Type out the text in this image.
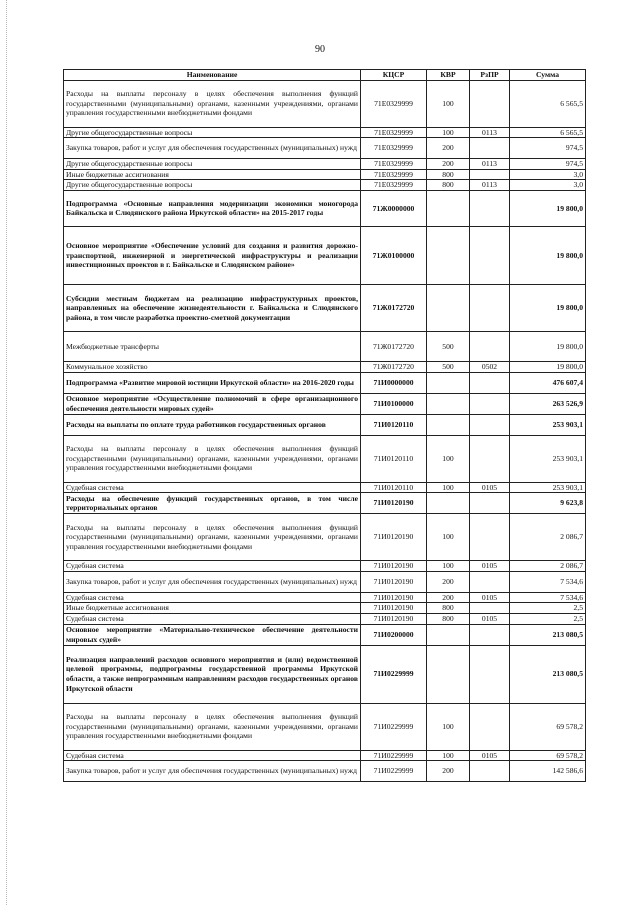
90
Наименование	КЦСР	КВР	РзПР	Сумма
Расходы на выплаты персоналу в целях обеспечения выполнения функций государственными (муниципальными) органами, казенными учреждениями, органами управления государственными внебюджетными фондами	71Е0329999	100		6 565,5
Другие общегосударственные вопросы	71Е0329999	100	0113	6 565,5
Закупка товаров, работ и услуг для обеспечения государственных (муниципальных) нужд	71Е0329999	200		974,5
Другие общегосударственные вопросы	71Е0329999	200	0113	974,5
Иные бюджетные ассигнования	71Е0329999	800		3,0
Другие общегосударственные вопросы	71Е0329999	800	0113	3,0
Подпрограмма «Основные направления модернизации экономики моногорода Байкальска и Слюдянского района Иркутской области» на 2015-2017 годы	71Ж0000000			19 800,0
Основное мероприятие «Обеспечение условий для создания и развития дорожно-транспортной, инженерной и энергетической инфраструктуры и реализации инвестиционных проектов в г. Байкальске и Слюдянском районе»	71Ж0100000			19 800,0
Субсидии местным бюджетам на реализацию инфраструктурных проектов, направленных на обеспечение жизнедеятельности г. Байкальска и Слюдянского района, в том числе разработка проектно-сметной документации	71Ж0172720			19 800,0
Межбюджетные трансферты	71Ж0172720	500		19 800,0
Коммунальное хозяйство	71Ж0172720	500	0502	19 800,0
Подпрограмма «Развитие мировой юстиции Иркутской области» на 2016-2020 годы	71И0000000			476 607,4
Основное мероприятие «Осуществление полномочий в сфере организационного обеспечения деятельности мировых судей»	71И0100000			263 526,9
Расходы на выплаты по оплате труда работников государственных органов	71И0120110			253 903,1
Расходы на выплаты персоналу в целях обеспечения выполнения функций государственными (муниципальными) органами, казенными учреждениями, органами управления государственными внебюджетными фондами	71И0120110	100		253 903,1
Судебная система	71И0120110	100	0105	253 903,1
Расходы на обеспечение функций государственных органов, в том числе территориальных органов	71И0120190			9 623,8
Расходы на выплаты персоналу в целях обеспечения выполнения функций государственными (муниципальными) органами, казенными учреждениями, органами управления государственными внебюджетными фондами	71И0120190	100		2 086,7
Судебная система	71И0120190	100	0105	2 086,7
Закупка товаров, работ и услуг для обеспечения государственных (муниципальных) нужд	71И0120190	200		7 534,6
Судебная система	71И0120190	200	0105	7 534,6
Иные бюджетные ассигнования	71И0120190	800		2,5
Судебная система	71И0120190	800	0105	2,5
Основное мероприятие «Материально-техническое обеспечение деятельности мировых судей»	71И0200000			213 080,5
Реализация направлений расходов основного мероприятия и (или) ведомственной целевой программы, подпрограммы государственной программы Иркутской области, а также непрограммным направлениям расходов государственных органов Иркутской области	71И0229999			213 080,5
Расходы на выплаты персоналу в целях обеспечения выполнения функций государственными (муниципальными) органами, казенными учреждениями, органами управления государственными внебюджетными фондами	71И0229999	100		69 578,2
Судебная система	71И0229999	100	0105	69 578,2
Закупка товаров, работ и услуг для обеспечения государственных (муниципальных) нужд	71И0229999	200		142 586,6
